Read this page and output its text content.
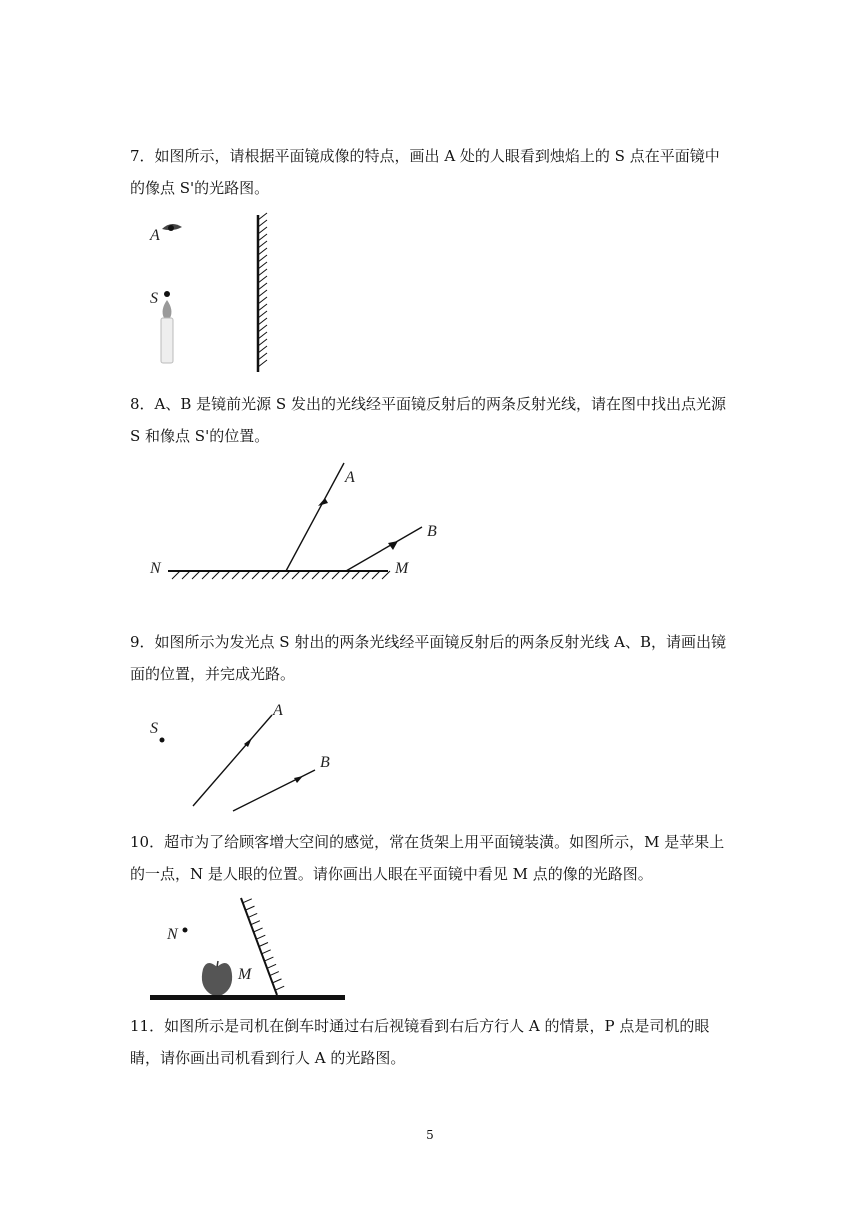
7．如图所示，请根据平面镜成像的特点，画出 A 处的人眼看到烛焰上的 S 点在平面镜中的像点 S'的光路图。

A
S

8．A、B 是镜前光源 S 发出的光线经平面镜反射后的两条反射光线，请在图中找出点光源 S 和像点 S'的位置。

A
B
N	M

9．如图所示为发光点 S 射出的两条光线经平面镜反射后的两条反射光线 A、B，请画出镜面的位置，并完成光路。

S
A
B

10．超市为了给顾客增大空间的感觉，常在货架上用平面镜装潢。如图所示，M 是苹果上的一点，N 是人眼的位置。请你画出人眼在平面镜中看见 M 点的像的光路图。

N
M

11．如图所示是司机在倒车时通过右后视镜看到右后方行人 A 的情景，P 点是司机的眼睛，请你画出司机看到行人 A 的光路图。

5
